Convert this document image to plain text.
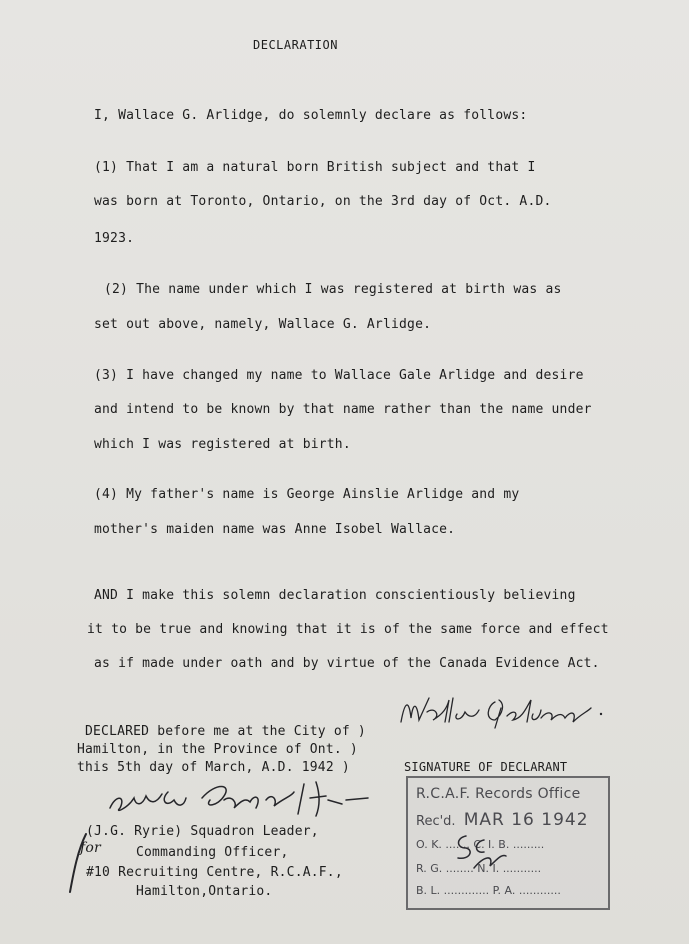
DECLARATION
I, Wallace G. Arlidge, do solemnly declare as follows:
(1) That I am a natural born British subject and that I
was born at Toronto, Ontario, on the 3rd day of Oct. A.D.
1923.
(2) The name under which I was registered at birth was as
set out above, namely, Wallace G. Arlidge.
(3) I have changed my name to Wallace Gale Arlidge and desire
and intend to be known by that name rather than the name under
which I was registered at birth.
(4) My father's name is George Ainslie Arlidge and my
mother's maiden name was Anne Isobel Wallace.
AND I make this solemn declaration conscientiously believing
it to be true and knowing that it is of the same force and effect
as if made under oath and by virtue of the Canada Evidence Act.
Wallace G. Arlidge
DECLARED before me at the City of )
Hamilton, in the Province of Ont. )
this 5th day of March, A.D. 1942 )	SIGNATURE OF DECLARANT
J. G. Ryrie, S/Ldr.
(J.G. Ryrie) Squadron Leader,
Commanding Officer,
#10 Recruiting Centre, R.C.A.F.,
Hamilton,Ontario.
for
R.C.A.F. Records Office
Rec'd. MAR 16 1942
O. K. ....... C. I. B. .........
R. G. ........ N. I. ...........
B. L. ............. P. A. ............
SC
